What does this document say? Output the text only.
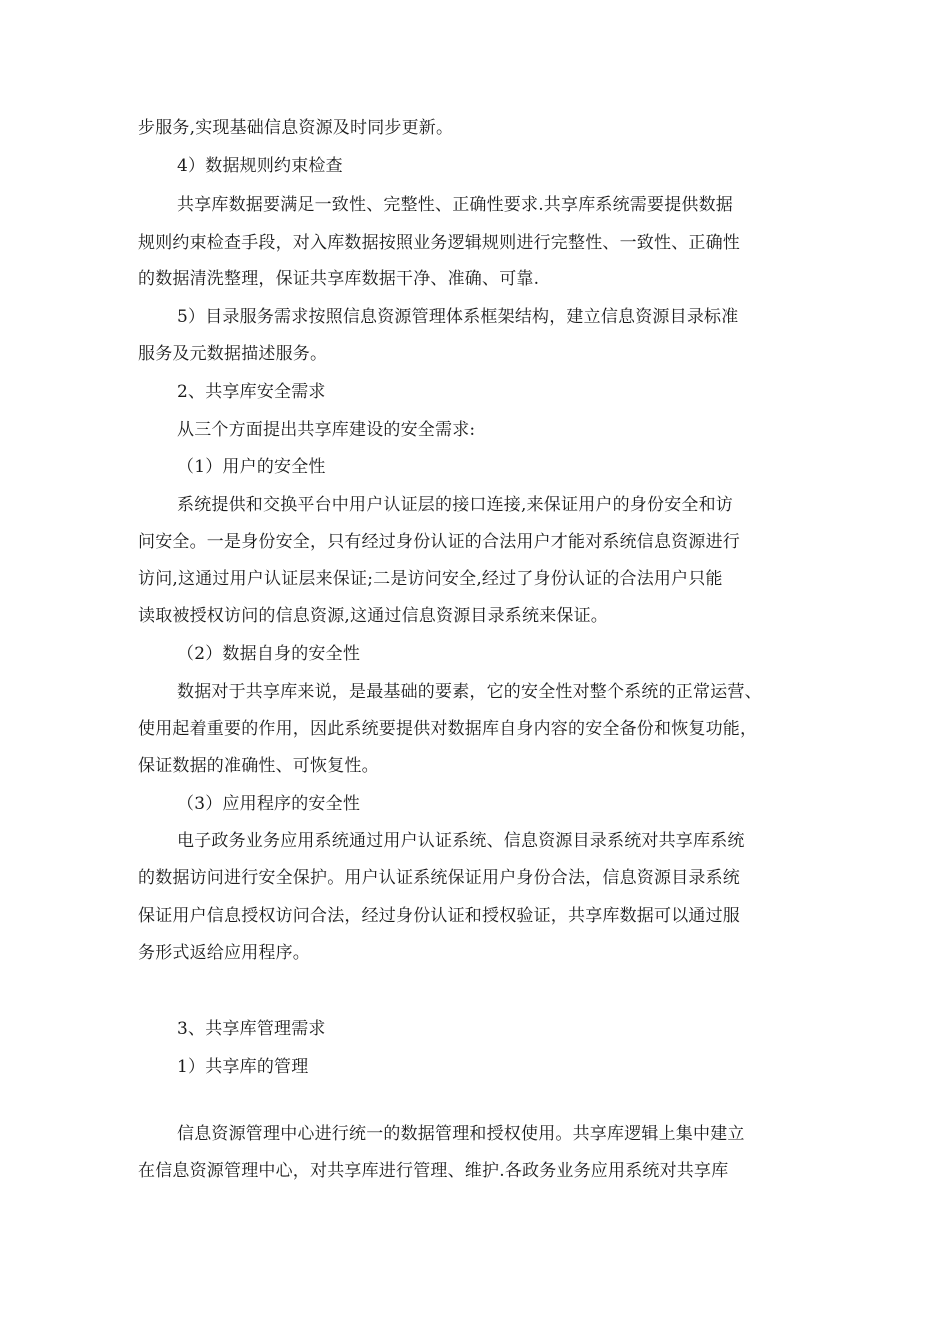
步服务,实现基础信息资源及时同步更新。
4）数据规则约束检查
共享库数据要满足一致性、完整性、正确性要求.共享库系统需要提供数据
规则约束检查手段，对入库数据按照业务逻辑规则进行完整性、一致性、正确性
的数据清洗整理，保证共享库数据干净、准确、可靠.
5）目录服务需求按照信息资源管理体系框架结构，建立信息资源目录标准
服务及元数据描述服务。
2、共享库安全需求
从三个方面提出共享库建设的安全需求:
（1）用户的安全性
系统提供和交换平台中用户认证层的接口连接,来保证用户的身份安全和访
问安全。一是身份安全，只有经过身份认证的合法用户才能对系统信息资源进行
访问,这通过用户认证层来保证;二是访问安全,经过了身份认证的合法用户只能
读取被授权访问的信息资源,这通过信息资源目录系统来保证。
（2）数据自身的安全性
数据对于共享库来说，是最基础的要素，它的安全性对整个系统的正常运营、
使用起着重要的作用，因此系统要提供对数据库自身内容的安全备份和恢复功能，
保证数据的准确性、可恢复性。
（3）应用程序的安全性
电子政务业务应用系统通过用户认证系统、信息资源目录系统对共享库系统
的数据访问进行安全保护。用户认证系统保证用户身份合法，信息资源目录系统
保证用户信息授权访问合法，经过身份认证和授权验证，共享库数据可以通过服
务形式返给应用程序。
3、共享库管理需求
1）共享库的管理
信息资源管理中心进行统一的数据管理和授权使用。共享库逻辑上集中建立
在信息资源管理中心，对共享库进行管理、维护.各政务业务应用系统对共享库
